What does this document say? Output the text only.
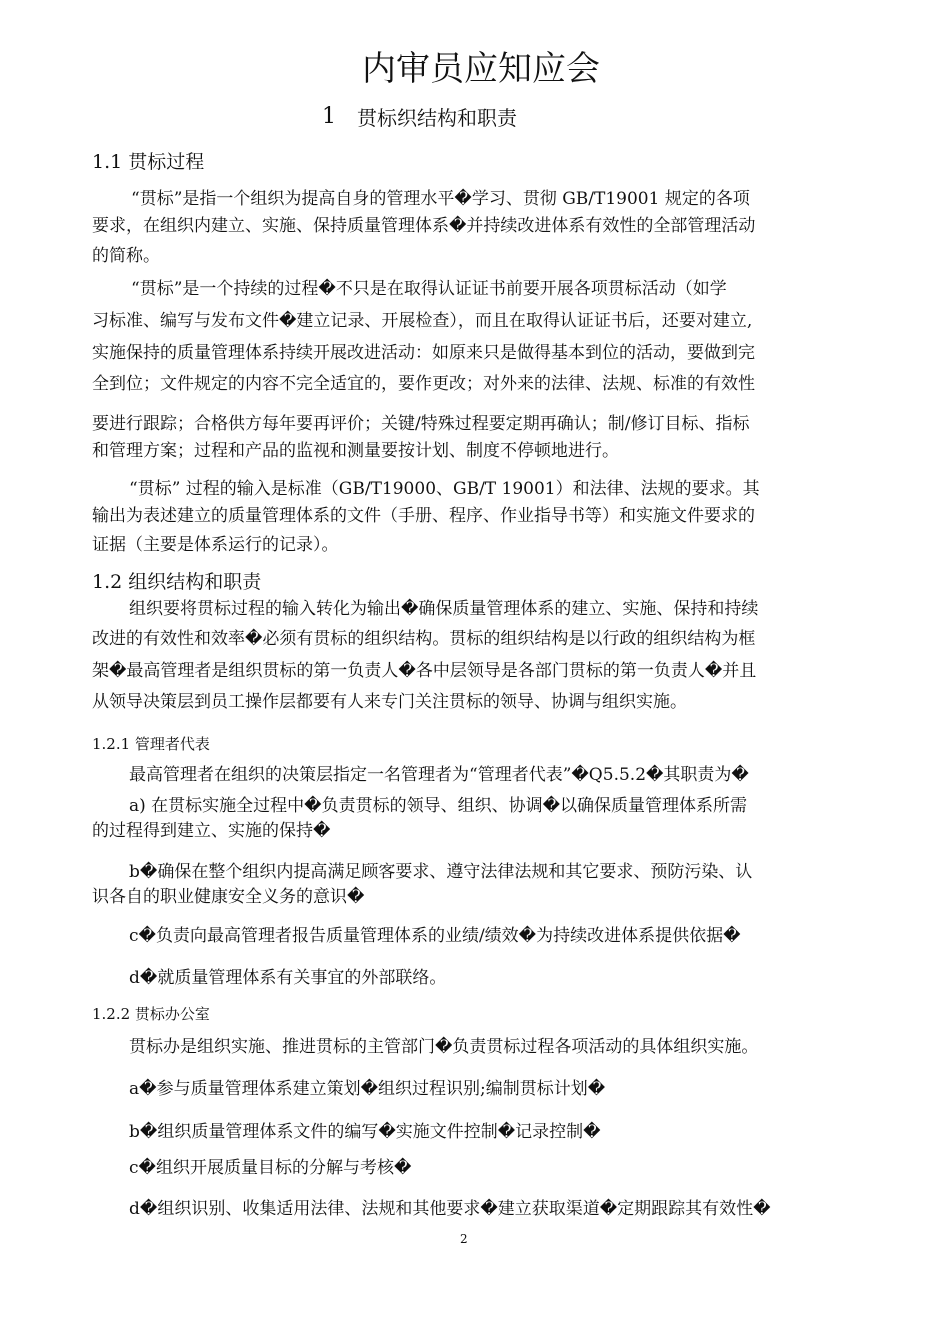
内审员应知应会
1 贯标织结构和职责
1.1 贯标过程
“贯标”是指一个组织为提高自身的管理水平�学习、贯彻 GB/T19001 规定的各项
要求，在组织内建立、实施、保持质量管理体系�并持续改进体系有效性的全部管理活动
的简称。
“贯标”是一个持续的过程�不只是在取得认证证书前要开展各项贯标活动（如学
习标准、编写与发布文件�建立记录、开展检查），而且在取得认证证书后，还要对建立,
实施保持的质量管理体系持续开展改进活动：如原来只是做得基本到位的活动，要做到完
全到位；文件规定的内容不完全适宜的，要作更改；对外来的法律、法规、标准的有效性
要进行跟踪；合格供方每年要再评价；关键/特殊过程要定期再确认；制/修订目标、指标
和管理方案；过程和产品的监视和测量要按计划、制度不停顿地进行。
“贯标” 过程的输入是标准（GB/T19000、GB/T 19001）和法律、法规的要求。其
输出为表述建立的质量管理体系的文件（手册、程序、作业指导书等）和实施文件要求的
证据（主要是体系运行的记录）。
1.2 组织结构和职责
组织要将贯标过程的输入转化为输出�确保质量管理体系的建立、实施、保持和持续
改进的有效性和效率�必须有贯标的组织结构。贯标的组织结构是以行政的组织结构为框
架�最高管理者是组织贯标的第一负责人�各中层领导是各部门贯标的第一负责人�并且
从领导决策层到员工操作层都要有人来专门关注贯标的领导、协调与组织实施。
1.2.1 管理者代表
最高管理者在组织的决策层指定一名管理者为“管理者代表”�Q5.5.2�其职责为�
a) 在贯标实施全过程中�负责贯标的领导、组织、协调�以确保质量管理体系所需
的过程得到建立、实施的保持�
b�确保在整个组织内提高满足顾客要求、遵守法律法规和其它要求、预防污染、认
识各自的职业健康安全义务的意识�
c�负责向最高管理者报告质量管理体系的业绩/绩效�为持续改进体系提供依据�
d�就质量管理体系有关事宜的外部联络。
1.2.2 贯标办公室
贯标办是组织实施、推进贯标的主管部门�负责贯标过程各项活动的具体组织实施。
a�参与质量管理体系建立策划�组织过程识别;编制贯标计划�
b�组织质量管理体系文件的编写�实施文件控制�记录控制�
c�组织开展质量目标的分解与考核�
d�组织识别、收集适用法律、法规和其他要求�建立获取渠道�定期跟踪其有效性�
2
